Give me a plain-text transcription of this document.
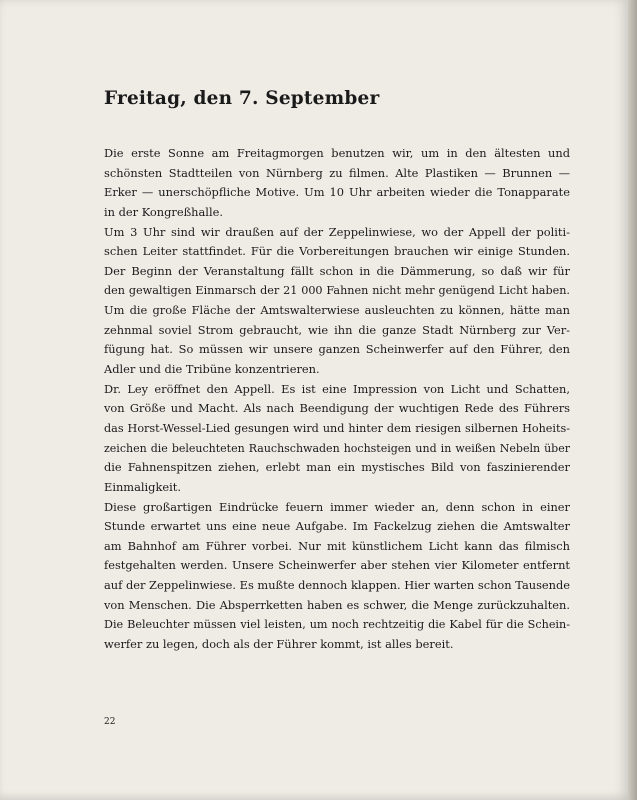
Freitag, den 7. September
Die erste Sonne am Freitagmorgen benutzen wir, um in den ältesten und
schönsten Stadtteilen von Nürnberg zu filmen. Alte Plastiken — Brunnen —
Erker — unerschöpfliche Motive. Um 10 Uhr arbeiten wieder die Tonapparate
in der Kongreßhalle.
Um 3 Uhr sind wir draußen auf der Zeppelinwiese, wo der Appell der politi-
schen Leiter stattfindet. Für die Vorbereitungen brauchen wir einige Stunden.
Der Beginn der Veranstaltung fällt schon in die Dämmerung, so daß wir für
den gewaltigen Einmarsch der 21 000 Fahnen nicht mehr genügend Licht haben.
Um die große Fläche der Amtswalterwiese ausleuchten zu können, hätte man
zehnmal soviel Strom gebraucht, wie ihn die ganze Stadt Nürnberg zur Ver-
fügung hat. So müssen wir unsere ganzen Scheinwerfer auf den Führer, den
Adler und die Tribüne konzentrieren.
Dr. Ley eröffnet den Appell. Es ist eine Impression von Licht und Schatten,
von Größe und Macht. Als nach Beendigung der wuchtigen Rede des Führers
das Horst-Wessel-Lied gesungen wird und hinter dem riesigen silbernen Hoheits-
zeichen die beleuchteten Rauchschwaden hochsteigen und in weißen Nebeln über
die Fahnenspitzen ziehen, erlebt man ein mystisches Bild von faszinierender
Einmaligkeit.
Diese großartigen Eindrücke feuern immer wieder an, denn schon in einer
Stunde erwartet uns eine neue Aufgabe. Im Fackelzug ziehen die Amtswalter
am Bahnhof am Führer vorbei. Nur mit künstlichem Licht kann das filmisch
festgehalten werden. Unsere Scheinwerfer aber stehen vier Kilometer entfernt
auf der Zeppelinwiese. Es mußte dennoch klappen. Hier warten schon Tausende
von Menschen. Die Absperrketten haben es schwer, die Menge zurückzuhalten.
Die Beleuchter müssen viel leisten, um noch rechtzeitig die Kabel für die Schein-
werfer zu legen, doch als der Führer kommt, ist alles bereit.
22
